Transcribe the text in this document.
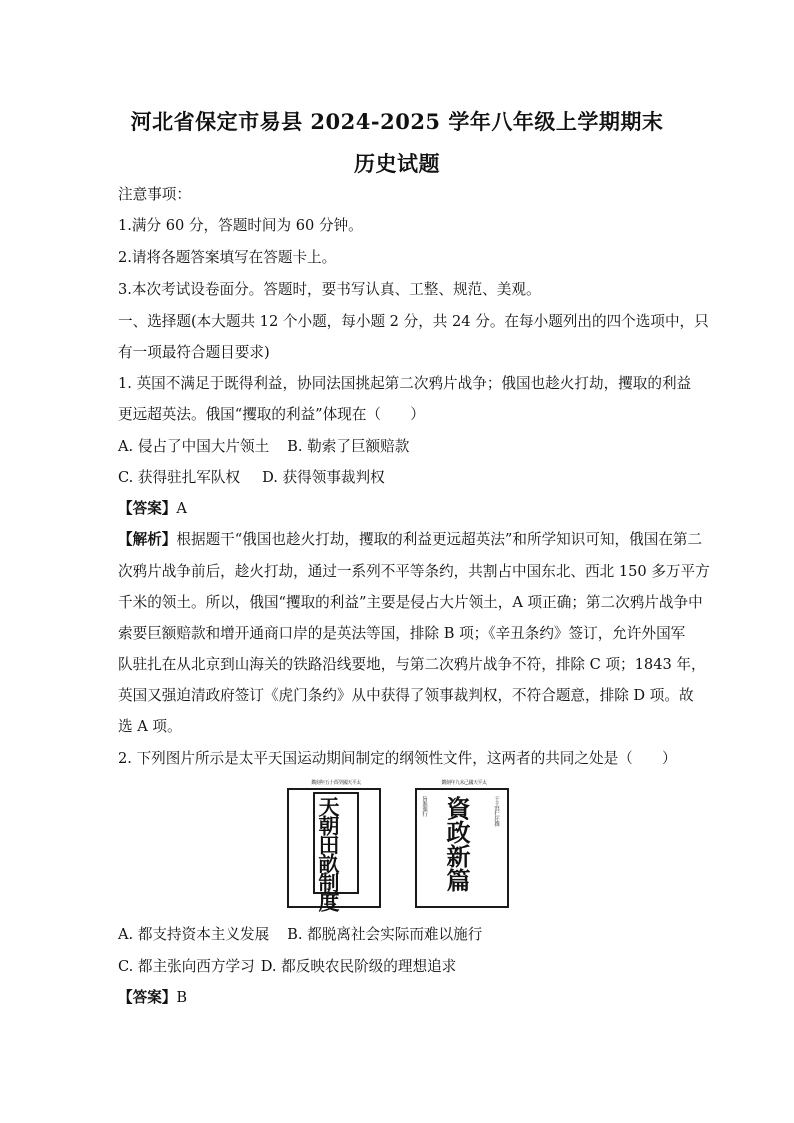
河北省保定市易县 2024-2025 学年八年级上学期期末
历史试题
注意事项：
1.满分 60 分，答题时间为 60 分钟。
2.请将各题答案填写在答题卡上。
3.本次考试设卷面分。答题时，要书写认真、工整、规范、美观。
一、选择题(本大题共 12 个小题，每小题 2 分，共 24 分。在每小题列出的四个选项中，只
有一项最符合题目要求)
1. 英国不满足于既得利益，协同法国挑起第二次鸦片战争；俄国也趁火打劫，攫取的利益
更远超英法。俄国“攫取的利益”体现在（　　）
A. 侵占了中国大片领土 B. 勒索了巨额赔款
C. 获得驻扎军队权 D. 获得领事裁判权
【答案】A
【解析】根据题干“俄国也趁火打劫，攫取的利益更远超英法”和所学知识可知，俄国在第二
次鸦片战争前后，趁火打劫，通过一系列不平等条约，共割占中国东北、西北 150 多万平方
千米的领土。所以，俄国“攫取的利益”主要是侵占大片领土，A 项正确；第二次鸦片战争中
索要巨额赔款和增开通商口岸的是英法等国，排除 B 项；《辛丑条约》签订，允许外国军
队驻扎在从北京到山海关的铁路沿线要地，与第二次鸦片战争不符，排除 C 项；1843 年，
英国又强迫清政府签订《虎门条约》从中获得了领事裁判权，不符合题意，排除 D 项。故
选 A 项。
2. 下列图片所示是太平天国运动期间制定的纲领性文件，这两者的共同之处是（　　）
鐫刻年五十酉癸國天平太
天朝田畝制度
鐫刻年九未己國天平太
旨准頒行 資政新篇	干王洪仁玕撰
A. 都支持资本主义发展 B. 都脱离社会实际而难以施行
C. 都主张向西方学习 D. 都反映农民阶级的理想追求
【答案】B
